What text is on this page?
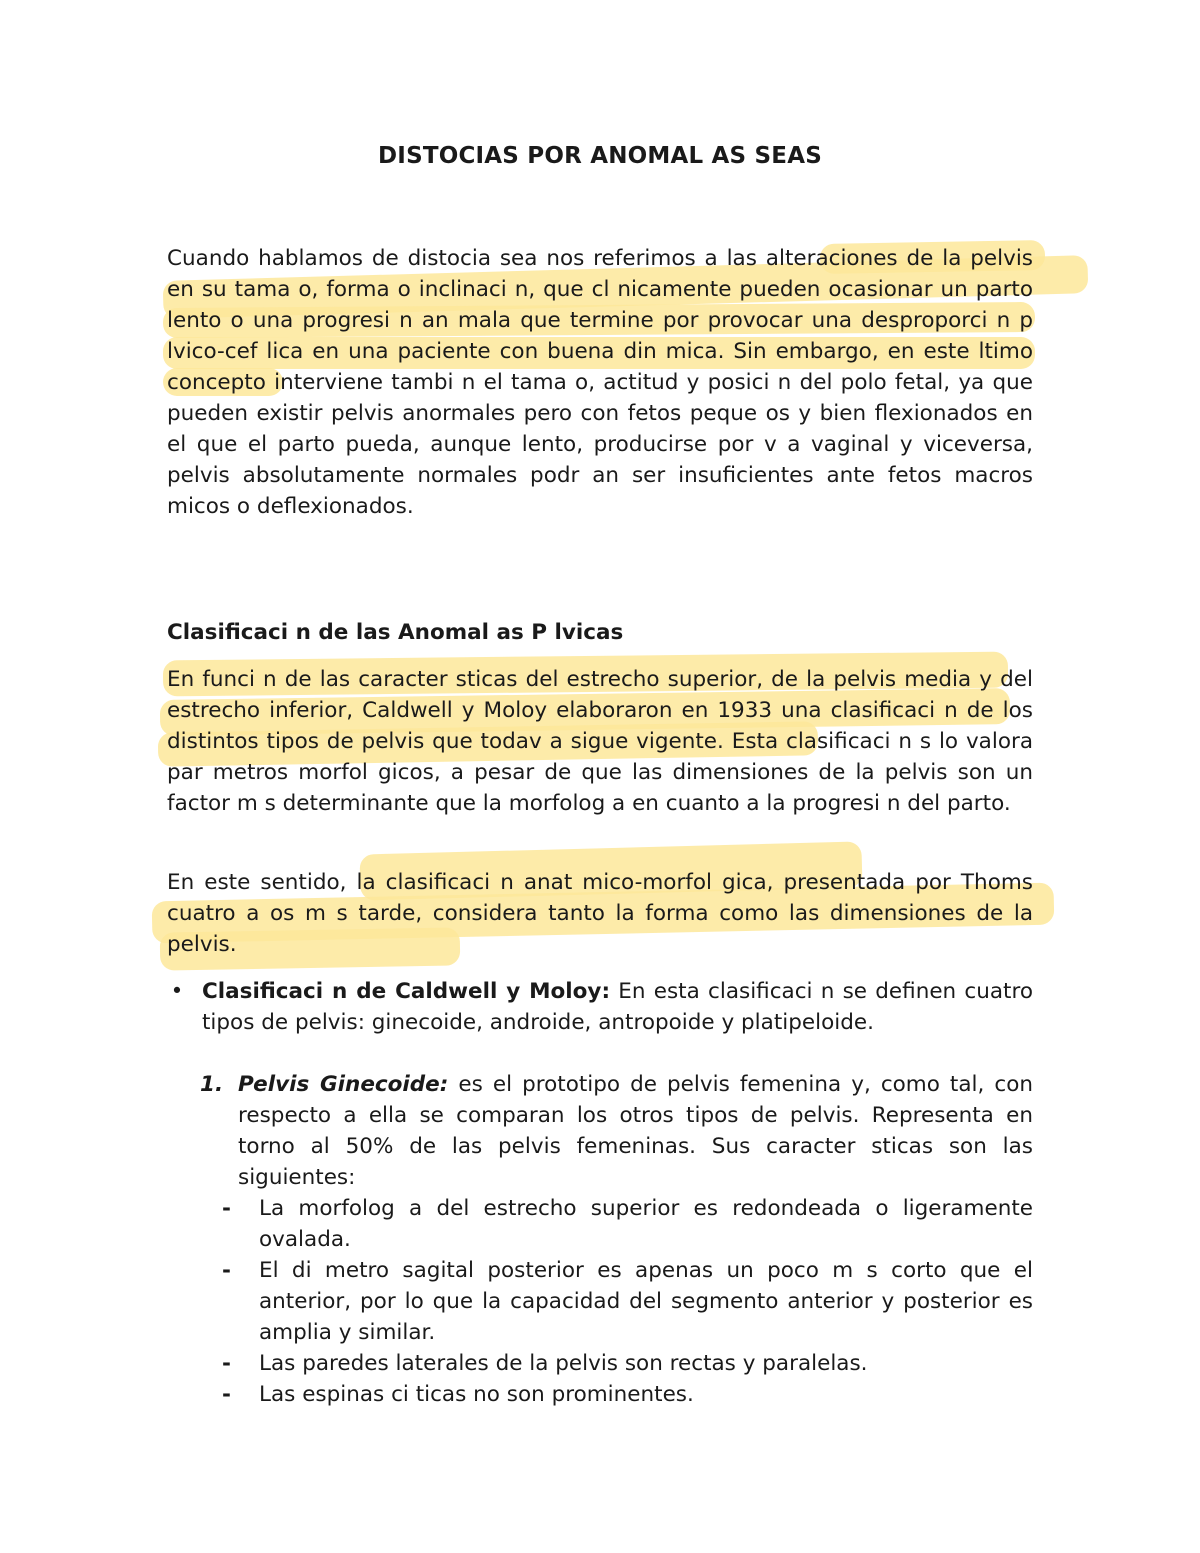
DISTOCIAS POR ANOMAL AS SEAS

Cuando hablamos de distocia sea nos referimos a las alteraciones de la pelvis en su tama o, forma o inclinaci n, que cl nicamente pueden ocasionar un parto lento o una progresi n an mala que termine por provocar una desproporci n p lvico-cef lica en una paciente con buena din mica. Sin embargo, en este ltimo concepto interviene tambi n el tama o, actitud y posici n del polo fetal, ya que pueden existir pelvis anormales pero con fetos peque os y bien flexionados en el que el parto pueda, aunque lento, producirse por v a vaginal y viceversa, pelvis absolutamente normales podr an ser insuficientes ante fetos macros micos o deflexionados.

Clasificaci n de las Anomal as P lvicas

En funci n de las caracter sticas del estrecho superior, de la pelvis media y del estrecho inferior, Caldwell y Moloy elaboraron en 1933 una clasificaci n de los distintos tipos de pelvis que todav a sigue vigente. Esta clasificaci n s lo valora par metros morfol gicos, a pesar de que las dimensiones de la pelvis son un factor m s determinante que la morfolog a en cuanto a la progresi n del parto.

En este sentido, la clasificaci n anat mico-morfol gica, presentada por Thoms cuatro a os m s tarde, considera tanto la forma como las dimensiones de la pelvis.

• Clasificaci n de Caldwell y Moloy: En esta clasificaci n se definen cuatro tipos de pelvis: ginecoide, androide, antropoide y platipeloide.
1. Pelvis Ginecoide: es el prototipo de pelvis femenina y, como tal, con respecto a ella se comparan los otros tipos de pelvis. Representa en torno al 50% de las pelvis femeninas. Sus caracter sticas son las siguientes:
- La morfolog a del estrecho superior es redondeada o ligeramente ovalada.
- El di metro sagital posterior es apenas un poco m s corto que el anterior, por lo que la capacidad del segmento anterior y posterior es amplia y similar.
- Las paredes laterales de la pelvis son rectas y paralelas.
- Las espinas ci ticas no son prominentes.
